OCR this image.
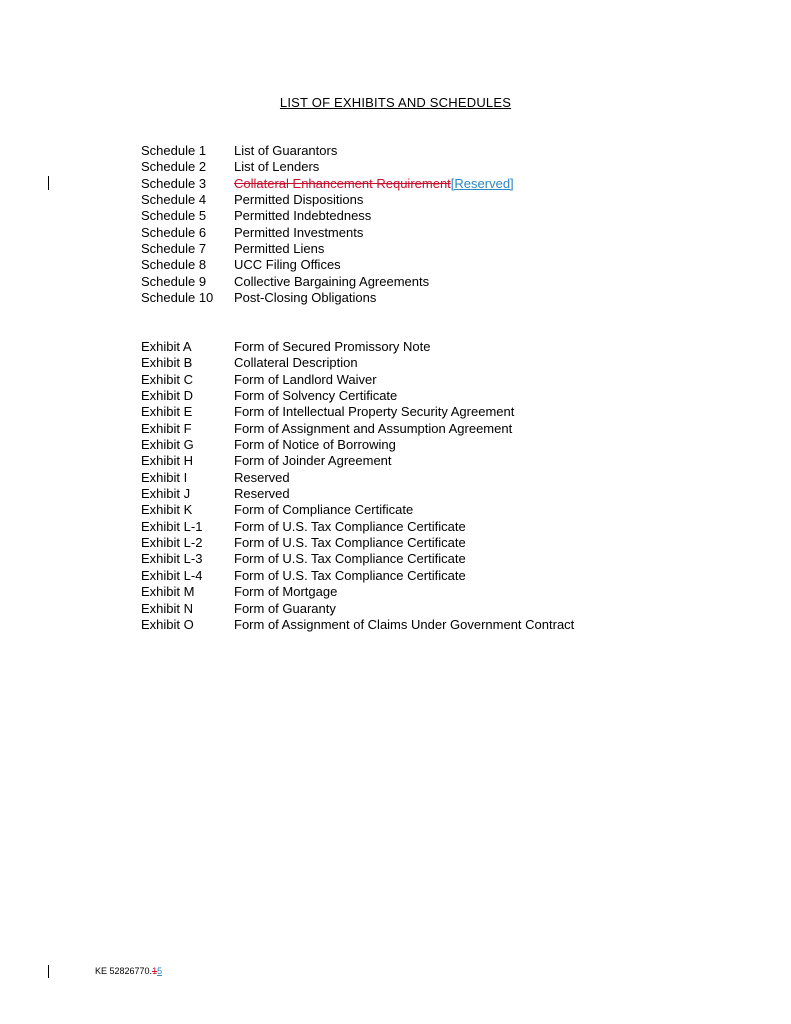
LIST OF EXHIBITS AND SCHEDULES
Schedule 1	List of Guarantors
Schedule 2	List of Lenders
Schedule 3	Collateral Enhancement Requirement[Reserved]
Schedule 4	Permitted Dispositions
Schedule 5	Permitted Indebtedness
Schedule 6	Permitted Investments
Schedule 7	Permitted Liens
Schedule 8	UCC Filing Offices
Schedule 9	Collective Bargaining Agreements
Schedule 10	Post-Closing Obligations
Exhibit A	Form of Secured Promissory Note
Exhibit B	Collateral Description
Exhibit C	Form of Landlord Waiver
Exhibit D	Form of Solvency Certificate
Exhibit E	Form of Intellectual Property Security Agreement
Exhibit F	Form of Assignment and Assumption Agreement
Exhibit G	Form of Notice of Borrowing
Exhibit H	Form of Joinder Agreement
Exhibit I	Reserved
Exhibit J	Reserved
Exhibit K	Form of Compliance Certificate
Exhibit L-1	Form of U.S. Tax Compliance Certificate
Exhibit L-2	Form of U.S. Tax Compliance Certificate
Exhibit L-3	Form of U.S. Tax Compliance Certificate
Exhibit L-4	Form of U.S. Tax Compliance Certificate
Exhibit M	Form of Mortgage
Exhibit N	Form of Guaranty
Exhibit O	Form of Assignment of Claims Under Government Contract
KE 52826770.15
